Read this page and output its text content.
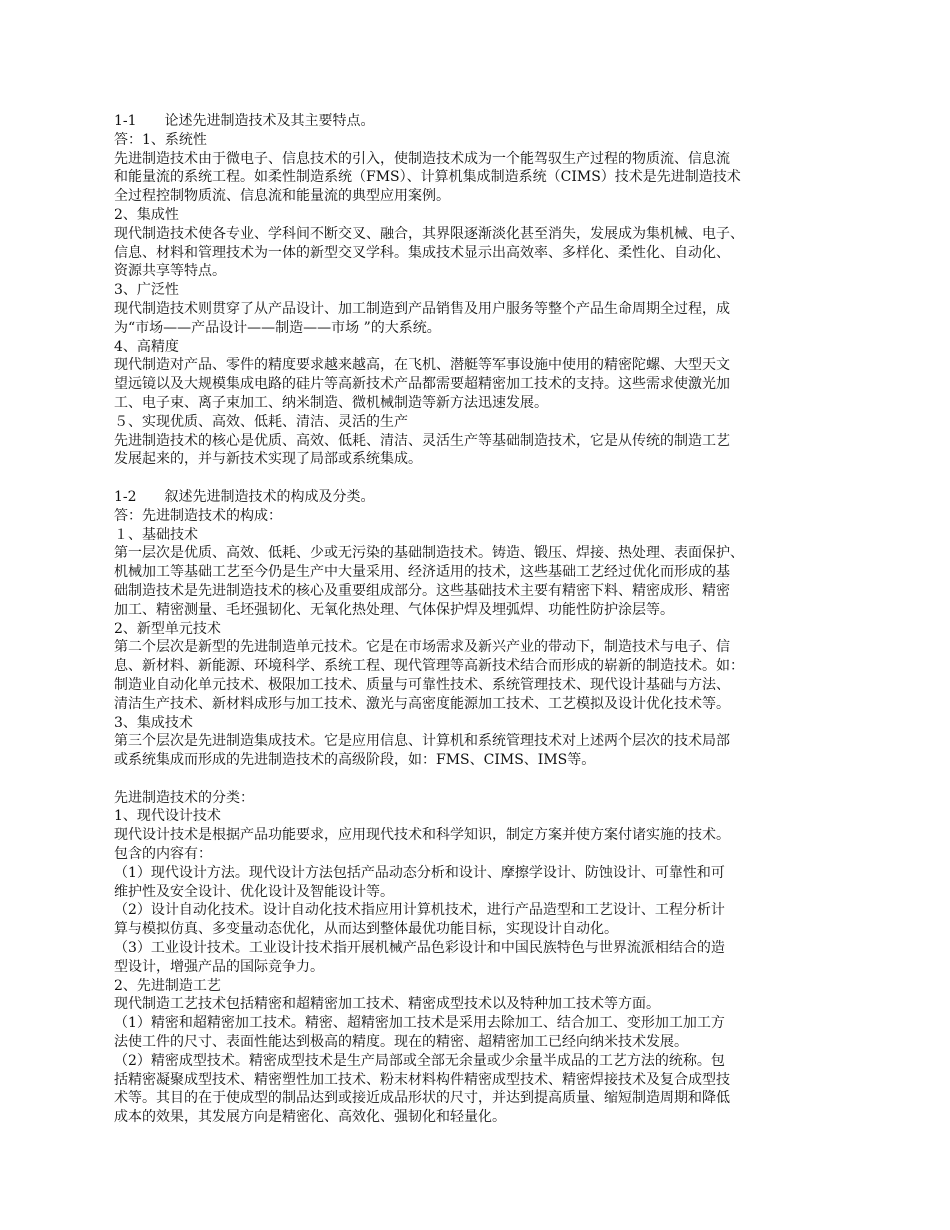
1-1　　论述先进制造技术及其主要特点。
答：1、系统性
先进制造技术由于微电子、信息技术的引入，使制造技术成为一个能驾驭生产过程的物质流、信息流
和能量流的系统工程。如柔性制造系统（FMS）、计算机集成制造系统（CIMS）技术是先进制造技术
全过程控制物质流、信息流和能量流的典型应用案例。
2、集成性
现代制造技术使各专业、学科间不断交叉、融合，其界限逐渐淡化甚至消失，发展成为集机械、电子、
信息、材料和管理技术为一体的新型交叉学科。集成技术显示出高效率、多样化、柔性化、自动化、
资源共享等特点。
3、广泛性
现代制造技术则贯穿了从产品设计、加工制造到产品销售及用户服务等整个产品生命周期全过程，成
为“市场——产品设计——制造——市场 ”的大系统。
4、高精度
现代制造对产品、零件的精度要求越来越高，在飞机、潜艇等军事设施中使用的精密陀螺、大型天文
望远镜以及大规模集成电路的硅片等高新技术产品都需要超精密加工技术的支持。这些需求使激光加
工、电子束、离子束加工、纳米制造、微机械制造等新方法迅速发展。
５、实现优质、高效、低耗、清洁、灵活的生产
先进制造技术的核心是优质、高效、低耗、清洁、灵活生产等基础制造技术，它是从传统的制造工艺
发展起来的，并与新技术实现了局部或系统集成。
1-2　　叙述先进制造技术的构成及分类。
答：先进制造技术的构成：
１、基础技术
第一层次是优质、高效、低耗、少或无污染的基础制造技术。铸造、锻压、焊接、热处理、表面保护、
机械加工等基础工艺至今仍是生产中大量采用、经济适用的技术，这些基础工艺经过优化而形成的基
础制造技术是先进制造技术的核心及重要组成部分。这些基础技术主要有精密下料、精密成形、精密
加工、精密测量、毛坯强韧化、无氧化热处理、气体保护焊及埋弧焊、功能性防护涂层等。
2、新型单元技术
第二个层次是新型的先进制造单元技术。它是在市场需求及新兴产业的带动下，制造技术与电子、信
息、新材料、新能源、环境科学、系统工程、现代管理等高新技术结合而形成的崭新的制造技术。如：
制造业自动化单元技术、极限加工技术、质量与可靠性技术、系统管理技术、现代设计基础与方法、
清洁生产技术、新材料成形与加工技术、激光与高密度能源加工技术、工艺模拟及设计优化技术等。
3、集成技术
第三个层次是先进制造集成技术。它是应用信息、计算机和系统管理技术对上述两个层次的技术局部
或系统集成而形成的先进制造技术的高级阶段，如：FMS、CIMS、IMS等。
先进制造技术的分类：
1、现代设计技术
现代设计技术是根据产品功能要求，应用现代技术和科学知识，制定方案并使方案付诸实施的技术。
包含的内容有：
（1）现代设计方法。现代设计方法包括产品动态分析和设计、摩擦学设计、防蚀设计、可靠性和可
维护性及安全设计、优化设计及智能设计等。
（2）设计自动化技术。设计自动化技术指应用计算机技术，进行产品造型和工艺设计、工程分析计
算与模拟仿真、多变量动态优化，从而达到整体最优功能目标，实现设计自动化。
（3）工业设计技术。工业设计技术指开展机械产品色彩设计和中国民族特色与世界流派相结合的造
型设计，增强产品的国际竞争力。
2、先进制造工艺
现代制造工艺技术包括精密和超精密加工技术、精密成型技术以及特种加工技术等方面。
（1）精密和超精密加工技术。精密、超精密加工技术是采用去除加工、结合加工、变形加工加工方
法使工件的尺寸、表面性能达到极高的精度。现在的精密、超精密加工已经向纳米技术发展。
（2）精密成型技术。精密成型技术是生产局部或全部无余量或少余量半成品的工艺方法的统称。包
括精密凝聚成型技术、精密塑性加工技术、粉末材料构件精密成型技术、精密焊接技术及复合成型技
术等。其目的在于使成型的制品达到或接近成品形状的尺寸，并达到提高质量、缩短制造周期和降低
成本的效果，其发展方向是精密化、高效化、强韧化和轻量化。
